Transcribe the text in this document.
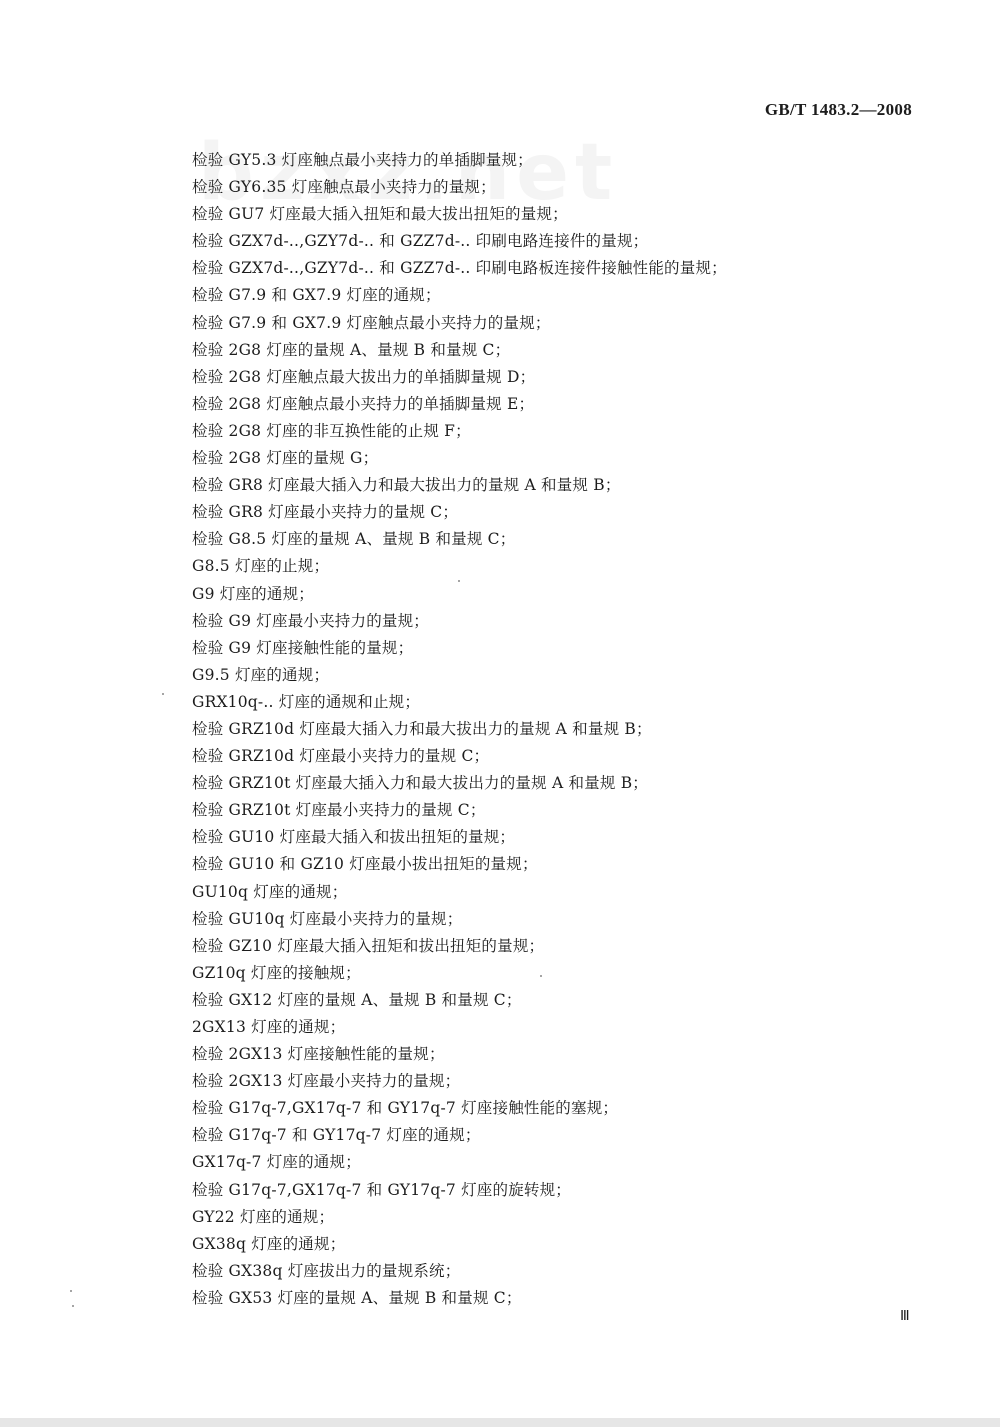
GB/T 1483.2—2008

检验 GY5.3 灯座触点最小夹持力的单插脚量规；
检验 GY6.35 灯座触点最小夹持力的量规；
检验 GU7 灯座最大插入扭矩和最大拔出扭矩的量规；
检验 GZX7d-..,GZY7d-.. 和 GZZ7d-.. 印刷电路连接件的量规；
检验 GZX7d-..,GZY7d-.. 和 GZZ7d-.. 印刷电路板连接件接触性能的量规；
检验 G7.9 和 GX7.9 灯座的通规；
检验 G7.9 和 GX7.9 灯座触点最小夹持力的量规；
检验 2G8 灯座的量规 A、量规 B 和量规 C；
检验 2G8 灯座触点最大拔出力的单插脚量规 D；
检验 2G8 灯座触点最小夹持力的单插脚量规 E；
检验 2G8 灯座的非互换性能的止规 F；
检验 2G8 灯座的量规 G；
检验 GR8 灯座最大插入力和最大拔出力的量规 A 和量规 B；
检验 GR8 灯座最小夹持力的量规 C；
检验 G8.5 灯座的量规 A、量规 B 和量规 C；
G8.5 灯座的止规；
G9 灯座的通规；
检验 G9 灯座最小夹持力的量规；
检验 G9 灯座接触性能的量规；
G9.5 灯座的通规；
GRX10q-.. 灯座的通规和止规；
检验 GRZ10d 灯座最大插入力和最大拔出力的量规 A 和量规 B；
检验 GRZ10d 灯座最小夹持力的量规 C；
检验 GRZ10t 灯座最大插入力和最大拔出力的量规 A 和量规 B；
检验 GRZ10t 灯座最小夹持力的量规 C；
检验 GU10 灯座最大插入和拔出扭矩的量规；
检验 GU10 和 GZ10 灯座最小拔出扭矩的量规；
GU10q 灯座的通规；
检验 GU10q 灯座最小夹持力的量规；
检验 GZ10 灯座最大插入扭矩和拔出扭矩的量规；
GZ10q 灯座的接触规；
检验 GX12 灯座的量规 A、量规 B 和量规 C；
2GX13 灯座的通规；
检验 2GX13 灯座接触性能的量规；
检验 2GX13 灯座最小夹持力的量规；
检验 G17q-7,GX17q-7 和 GY17q-7 灯座接触性能的塞规；
检验 G17q-7 和 GY17q-7 灯座的通规；
GX17q-7 灯座的通规；
检验 G17q-7,GX17q-7 和 GY17q-7 灯座的旋转规；
GY22 灯座的通规；
GX38q 灯座的通规；
检验 GX38q 灯座拔出力的量规系统；
检验 GX53 灯座的量规 A、量规 B 和量规 C；

Ⅲ
